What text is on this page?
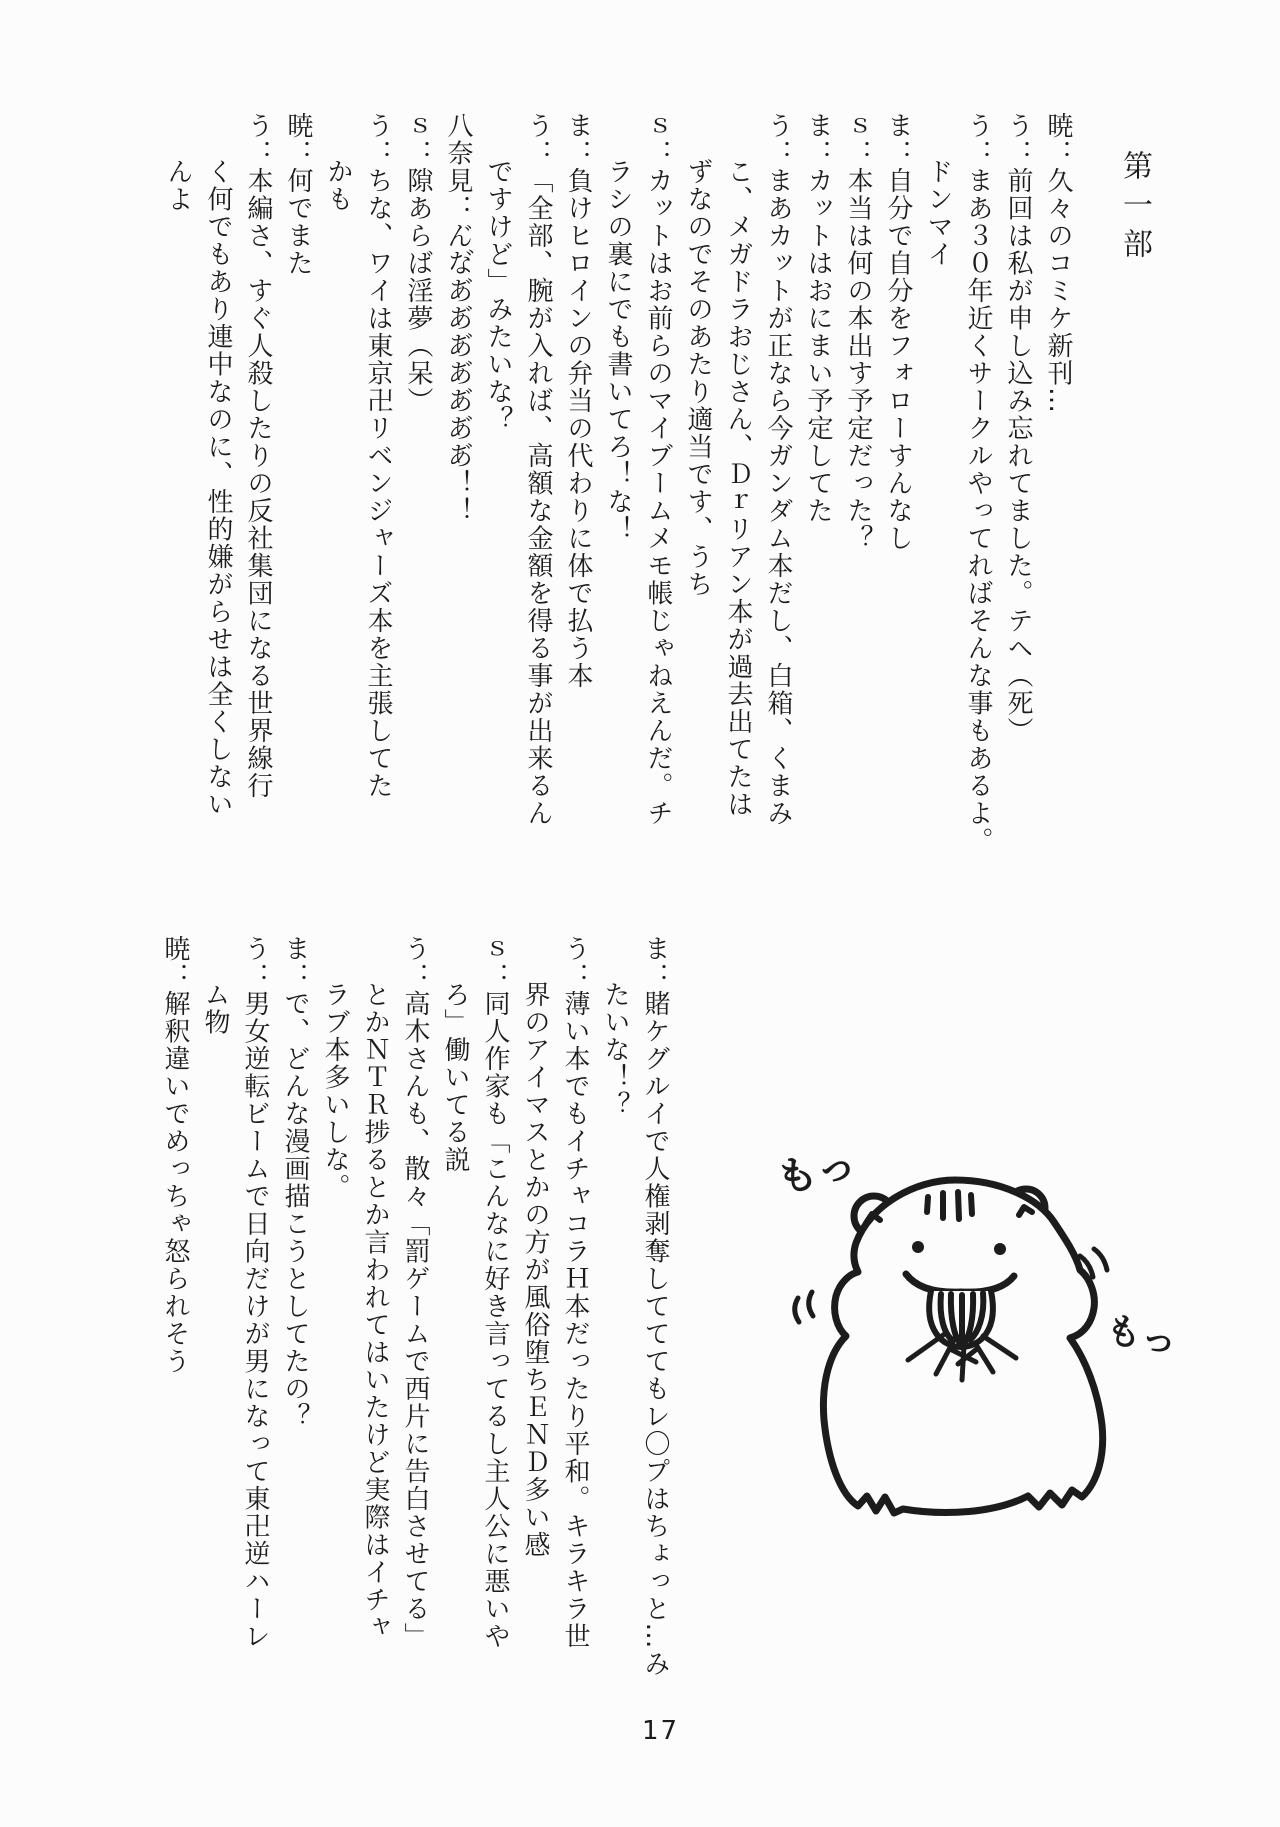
第一部

暁：久々のコミケ新刊…

う：前回は私が申し込み忘れてました。テヘ（死）

う：まあ３０年近くサークルやってればそんな事もあるよ。

ドンマイ

ま：自分で自分をフォローすんなし

ｓ：本当は何の本出す予定だった？

ま：カットはおにまい予定してた

う：まあカットが正なら今ガンダム本だし、白箱、くまみ

こ、メガドラおじさん、Ｄｒリアン本が過去出てたは

ずなのでそのあたり適当です、うち

ｓ：カットはお前らのマイブームメモ帳じゃねえんだ。チ

ラシの裏にでも書いてろ！な！

ま：負けヒロインの弁当の代わりに体で払う本

う：「全部、腕が入れば、高額な金額を得る事が出来るん

ですけど」みたいな？

八奈見：ん゙な゙あ゙あ゙あ゙あ゙あ゙あ゙あ゙！！

ｓ：隙あらば淫夢（呆）

う：ちな、ワイは東京卍リベンジャーズ本を主張してた

かも

暁：何でまた

う：本編さ、すぐ人殺したりの反社集団になる世界線行

く何でもあり連中なのに、性的嫌がらせは全くしない

んよ

ま：賭ケグルイで人権剥奪してててもレ〇プはちょっと…み

たいな！？

う：薄い本でもイチャコラＨ本だったり平和。キラキラ世

界のアイマスとかの方が風俗堕ちＥＮＤ多い感

ｓ：同人作家も「こんなに好き言ってるし主人公に悪いや

ろ」働いてる説

う：高木さんも、散々「罰ゲームで西片に告白させてる」

とかＮＴＲ捗るとか言われてはいたけど実際はイチャ

ラブ本多いしな。

ま：で、どんな漫画描こうとしてたの？

う：男女逆転ビームで日向だけが男になって東卍逆ハーレ

ム物

暁：解釈違いでめっちゃ怒られそう	もっ
もっ
17
